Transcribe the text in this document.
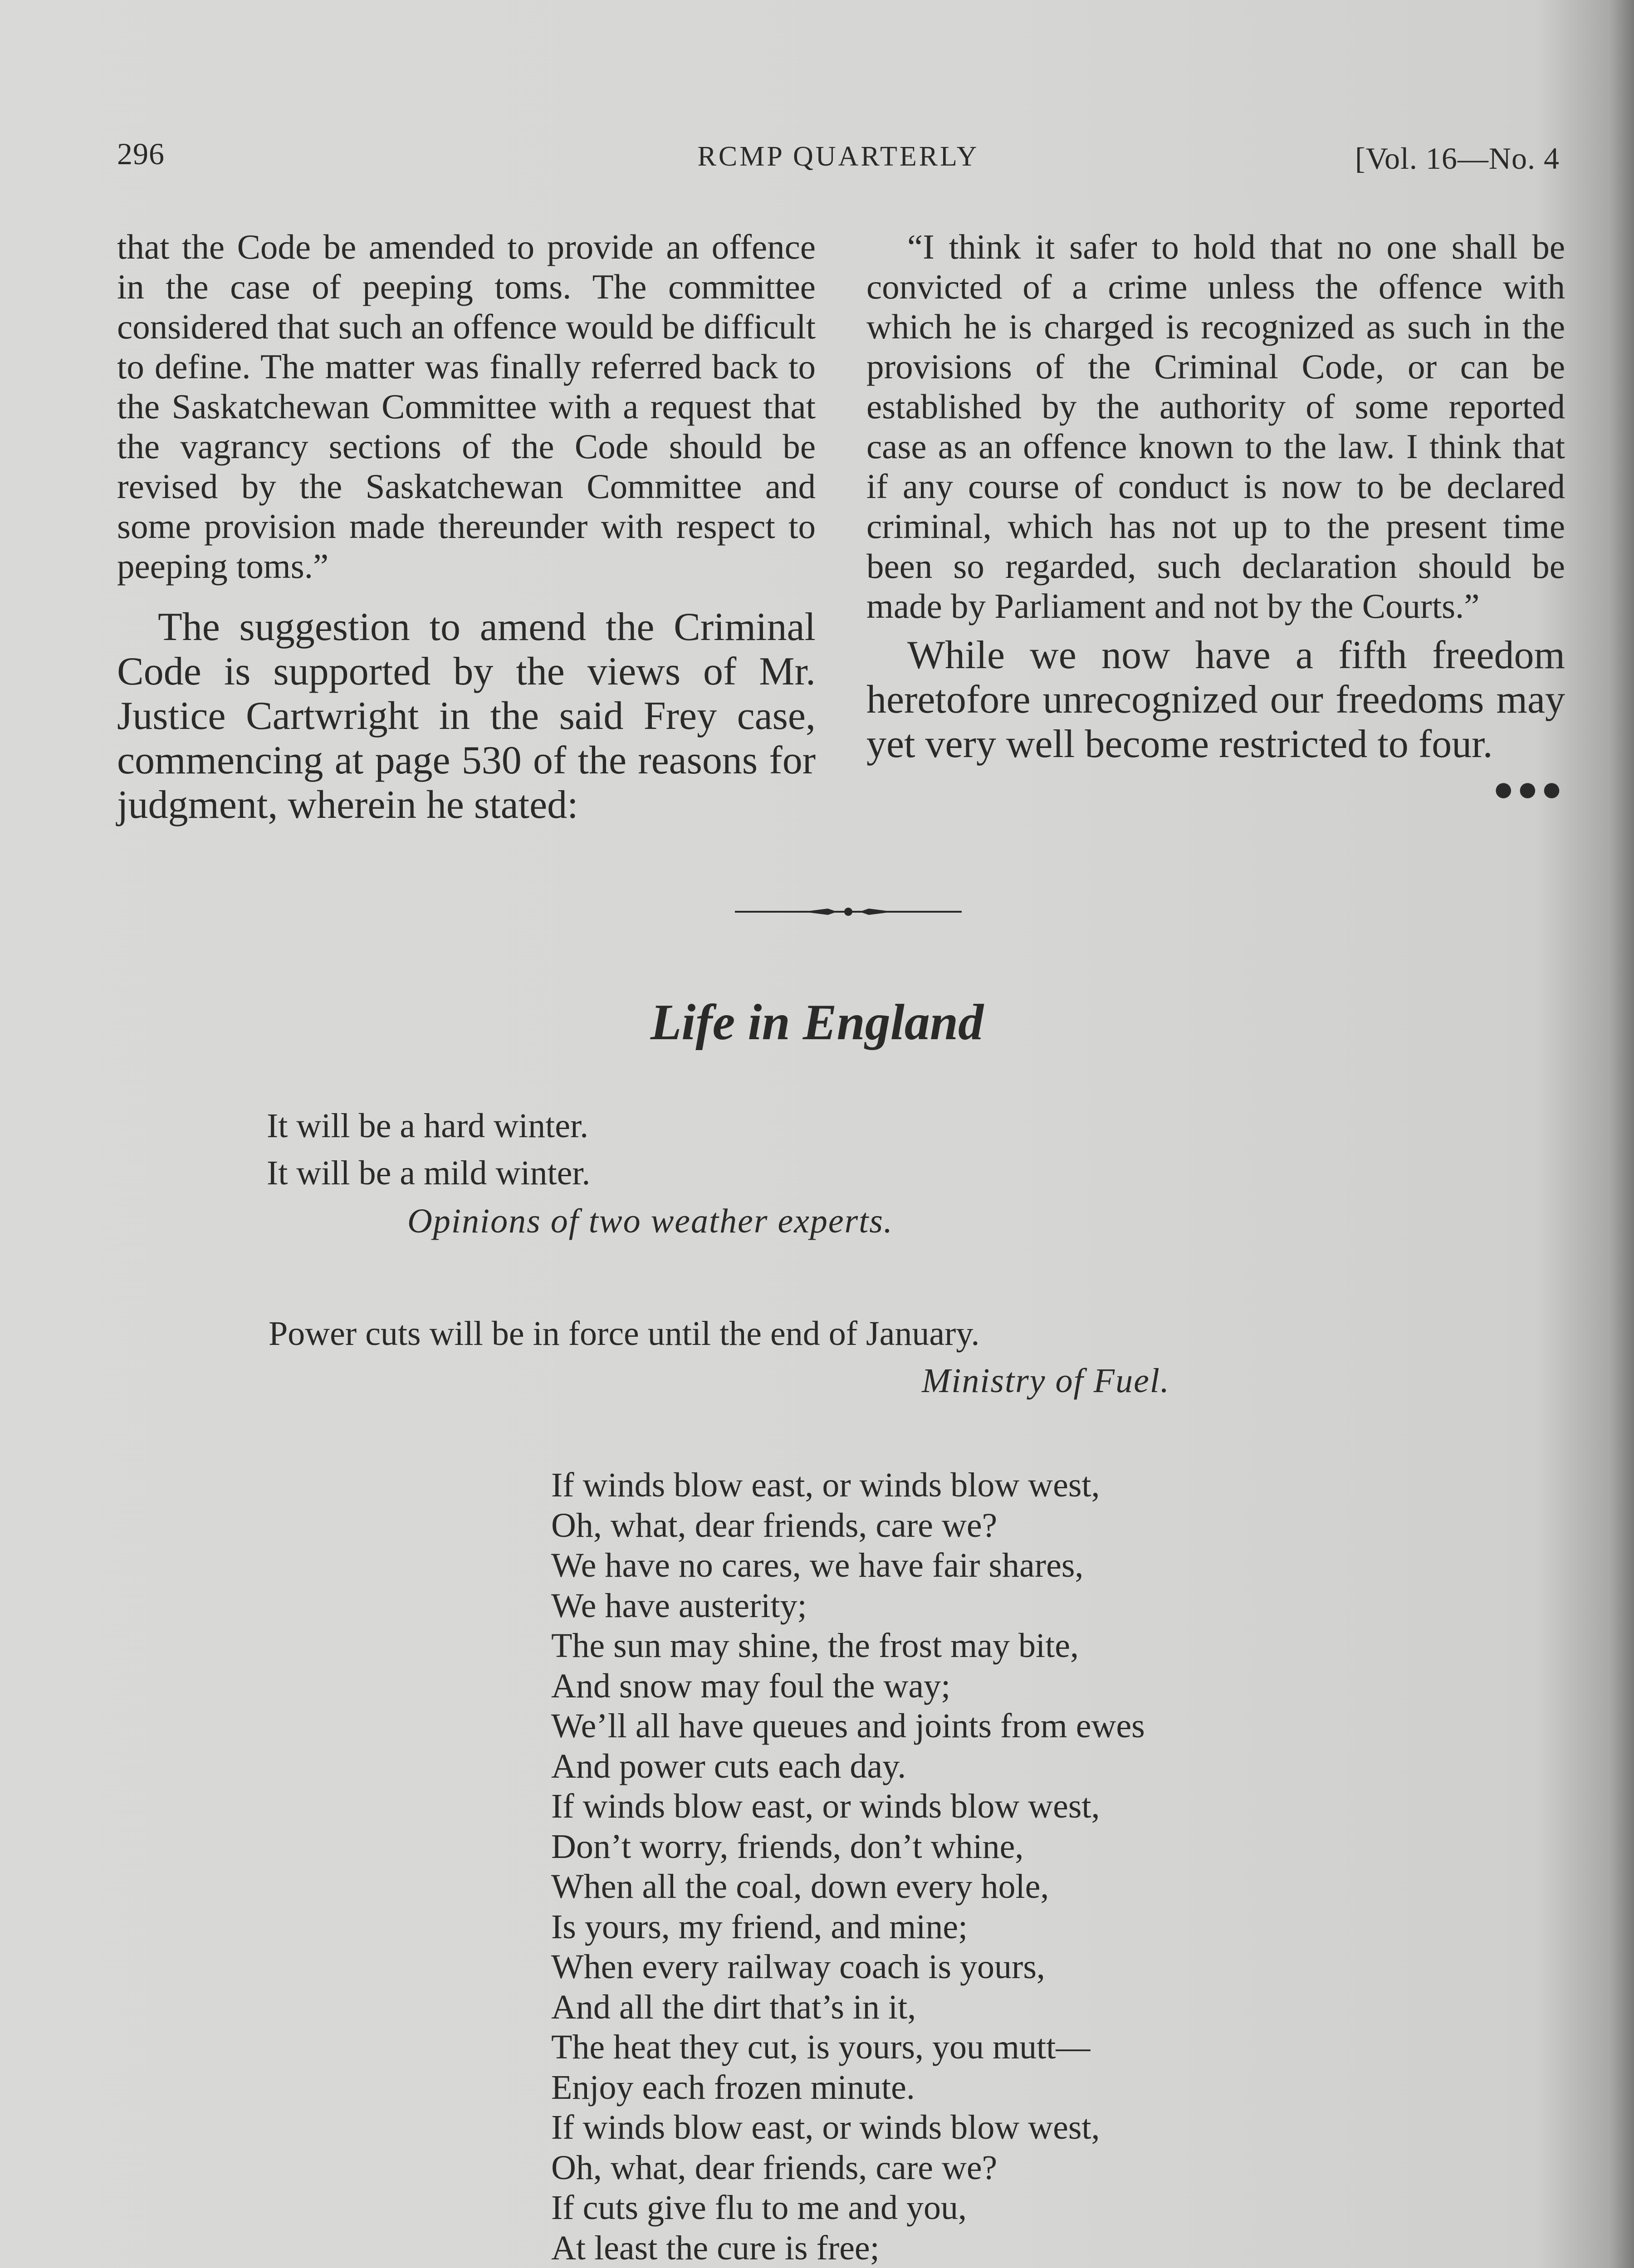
296	RCMP QUARTERLY	[Vol. 16—No. 4

that the Code be amended to provide an offence in the case of peeping toms. The committee considered that such an offence would be difficult to define. The matter was finally referred back to the Saskatchewan Committee with a request that the vagrancy sections of the Code should be revised by the Saskatchewan Committee and some provision made thereunder with respect to peeping toms.”

The suggestion to amend the Criminal Code is supported by the views of Mr. Justice Cartwright in the said Frey case, commencing at page 530 of the reasons for judgment, wherein he stated:

“I think it safer to hold that no one shall be convicted of a crime unless the offence with which he is charged is recognized as such in the provisions of the Criminal Code, or can be established by the authority of some reported case as an offence known to the law. I think that if any course of conduct is now to be declared criminal, which has not up to the present time been so regarded, such declaration should be made by Parliament and not by the Courts.”

While we now have a fifth freedom heretofore unrecognized our freedoms may yet very well become restricted to four.
●●●

Life in England
It will be a hard winter.
It will be a mild winter.
Opinions of two weather experts.
Power cuts will be in force until the end of January.
Ministry of Fuel.
If winds blow east, or winds blow west,
Oh, what, dear friends, care we?
We have no cares, we have fair shares,
We have austerity;
The sun may shine, the frost may bite,
And snow may foul the way;
We’ll all have queues and joints from ewes
And power cuts each day.
If winds blow east, or winds blow west,
Don’t worry, friends, don’t whine,
When all the coal, down every hole,
Is yours, my friend, and mine;
When every railway coach is yours,
And all the dirt that’s in it,
The heat they cut, is yours, you mutt—
Enjoy each frozen minute.
If winds blow east, or winds blow west,
Oh, what, dear friends, care we?
If cuts give flu to me and you,
At least the cure is free;
